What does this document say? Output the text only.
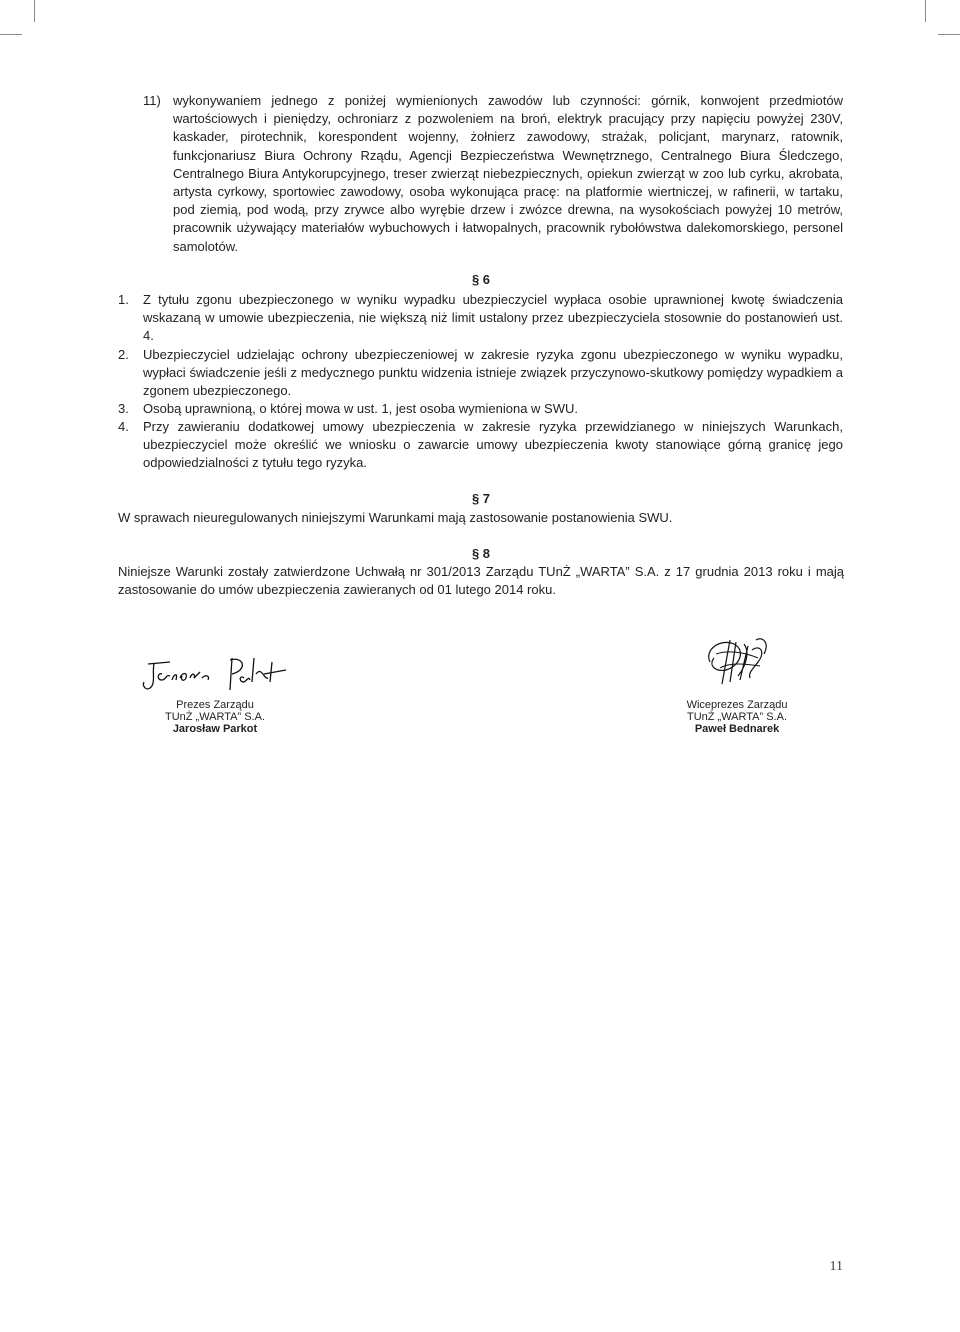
11) wykonywaniem jednego z poniżej wymienionych zawodów lub czynności: górnik, konwojent przedmiotów wartościowych i pieniędzy, ochroniarz z pozwoleniem na broń, elektryk pracujący przy napięciu powyżej 230V, kaskader, pirotechnik, korespondent wojenny, żołnierz zawodowy, strażak, policjant, marynarz, ratownik, funkcjonariusz Biura Ochrony Rządu, Agencji Bezpieczeństwa Wewnętrznego, Centralnego Biura Śledczego, Centralnego Biura Antykorupcyjnego, treser zwierząt niebezpiecznych, opiekun zwierząt w zoo lub cyrku, akrobata, artysta cyrkowy, sportowiec zawodowy, osoba wykonująca pracę: na platformie wiertniczej, w rafinerii, w tartaku, pod ziemią, pod wodą, przy zrywce albo wyrębie drzew i zwózce drewna, na wysokościach powyżej 10 metrów, pracownik używający materiałów wybuchowych i łatwopalnych, pracownik rybołówstwa dalekomorskiego, personel samolotów.
§ 6
1. Z tytułu zgonu ubezpieczonego w wyniku wypadku ubezpieczyciel wypłaca osobie uprawnionej kwotę świadczenia wskazaną w umowie ubezpieczenia, nie większą niż limit ustalony przez ubezpieczyciela stosownie do postanowień ust. 4.
2. Ubezpieczyciel udzielając ochrony ubezpieczeniowej w zakresie ryzyka zgonu ubezpieczonego w wyniku wypadku, wypłaci świadczenie jeśli z medycznego punktu widzenia istnieje związek przyczynowo-skutkowy pomiędzy wypadkiem a zgonem ubezpieczonego.
3. Osobą uprawnioną, o której mowa w ust. 1, jest osoba wymieniona w SWU.
4. Przy zawieraniu dodatkowej umowy ubezpieczenia w zakresie ryzyka przewidzianego w niniejszych Warunkach, ubezpieczyciel może określić we wniosku o zawarcie umowy ubezpieczenia kwoty stanowiące górną granicę jego odpowiedzialności z tytułu tego ryzyka.
§ 7
W sprawach nieuregulowanych niniejszymi Warunkami mają zastosowanie postanowienia SWU.
§ 8
Niniejsze Warunki zostały zatwierdzone Uchwałą nr 301/2013 Zarządu TUnŻ „WARTA” S.A. z 17 grudnia 2013 roku i mają zastosowanie do umów ubezpieczenia zawieranych od 01 lutego 2014 roku.
Prezes Zarządu
TUnŻ „WARTA” S.A.
Jarosław Parkot
Wiceprezes Zarządu
TUnŻ „WARTA” S.A.
Paweł Bednarek
11
